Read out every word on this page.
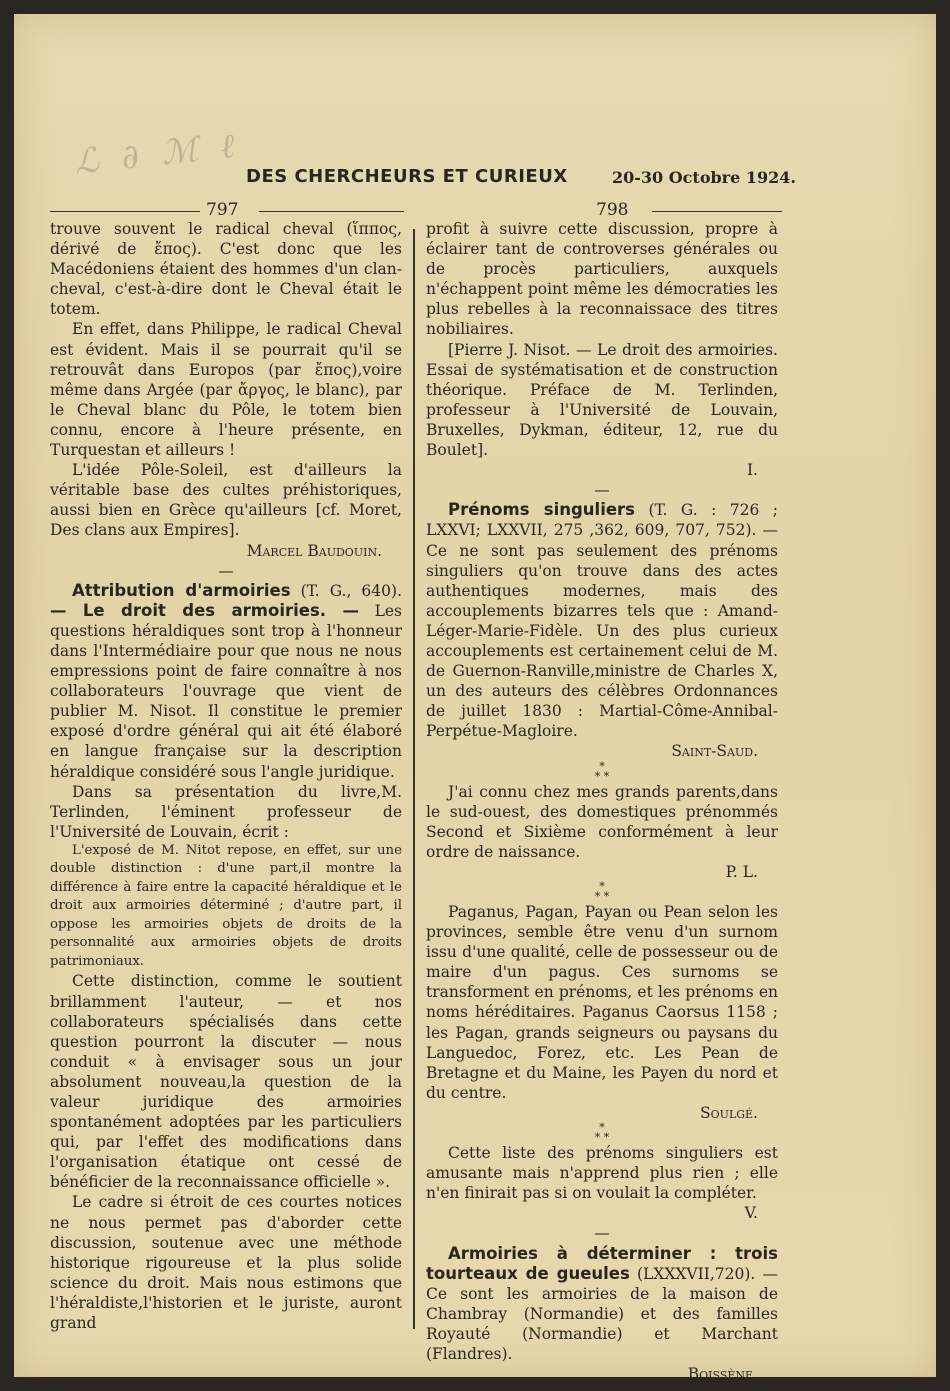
ℒ ∂ ℳ ℓ DES CHERCHEURS ET CURIEUX	20-30 Octobre 1924.
797	798

trouve souvent le radical cheval (ἵππος, dérivé de ἔπος). C'est donc que les Macédoniens étaient des hommes d'un clan-cheval, c'est-à-dire dont le Cheval était le totem.

En effet, dans Philippe, le radical Cheval est évident. Mais il se pourrait qu'il se retrouvât dans Europos (par ἔπος),voire même dans Argée (par ἄργος, le blanc), par le Cheval blanc du Pôle, le totem bien connu, encore à l'heure présente, en Turquestan et ailleurs !

L'idée Pôle-Soleil, est d'ailleurs la véritable base des cultes préhistoriques, aussi bien en Grèce qu'ailleurs [cf. Moret, Des clans aux Empires].

Marcel Baudouin.

—

Attribution d'armoiries (T. G., 640). — Le droit des armoiries. — Les questions héraldiques sont trop à l'honneur dans l'Intermédiaire pour que nous ne nous empressions point de faire connaître à nos collaborateurs l'ouvrage que vient de publier M. Nisot. Il constitue le premier exposé d'ordre général qui ait été élaboré en langue française sur la description héraldique considéré sous l'angle juridique.

Dans sa présentation du livre,M. Terlinden, l'éminent professeur de l'Université de Louvain, écrit :

L'exposé de M. Nitot repose, en effet, sur une double distinction : d'une part,il montre la différence à faire entre la capacité héraldique et le droit aux armoiries déterminé ; d'autre part, il oppose les armoiries objets de droits de la personnalité aux armoiries objets de droits patrimoniaux.

Cette distinction, comme le soutient brillamment l'auteur, — et nos collaborateurs spécialisés dans cette question pourront la discuter — nous conduit « à envisager sous un jour absolument nouveau,la question de la valeur juridique des armoiries spontanément adoptées par les particuliers qui, par l'effet des modifications dans l'organisation étatique ont cessé de bénéficier de la reconnaissance officielle ».

Le cadre si étroit de ces courtes notices ne nous permet pas d'aborder cette discussion, soutenue avec une méthode historique rigoureuse et la plus solide science du droit. Mais nous estimons que l'héraldiste,l'historien et le juriste, auront grand

profit à suivre cette discussion, propre à éclairer tant de controverses générales ou de procès particuliers, auxquels n'échappent point même les démocraties les plus rebelles à la reconnaissace des titres nobiliaires.

[Pierre J. Nisot. — Le droit des armoiries. Essai de systématisation et de construction théorique. Préface de M. Terlinden, professeur à l'Université de Louvain, Bruxelles, Dykman, éditeur, 12, rue du Boulet].

I.

—

Prénoms singuliers (T. G. : 726 ; LXXVI; LXXVII, 275 ,362, 609, 707, 752). — Ce ne sont pas seulement des prénoms singuliers qu'on trouve dans des actes authentiques modernes, mais des accouplements bizarres tels que : Amand-Léger-Marie-Fidèle. Un des plus curieux accouplements est certainement celui de M. de Guernon-Ranville,ministre de Charles X, un des auteurs des célèbres Ordonnances de juillet 1830 : Martial-Côme-Annibal-Perpétue-Magloire.

Saint-Saud.

*
* *

J'ai connu chez mes grands parents,dans le sud-ouest, des domestiques prénommés Second et Sixième conformément à leur ordre de naissance.

P. L.

*
* *

Paganus, Pagan, Payan ou Pean selon les provinces, semble être venu d'un surnom issu d'une qualité, celle de possesseur ou de maire d'un pagus. Ces surnoms se transforment en prénoms, et les prénoms en noms héréditaires. Paganus Caorsus 1158 ; les Pagan, grands seigneurs ou paysans du Languedoc, Forez, etc. Les Pean de Bretagne et du Maine, les Payen du nord et du centre.

Soulgé.

*
* *

Cette liste des prénoms singuliers est amusante mais n'apprend plus rien ; elle n'en finirait pas si on voulait la compléter.

V.

—

Armoiries à déterminer : trois tourteaux de gueules (LXXXVII,720). — Ce sont les armoiries de la maison de Chambray (Normandie) et des familles Royauté (Normandie) et Marchant (Flandres).

Boissène.
